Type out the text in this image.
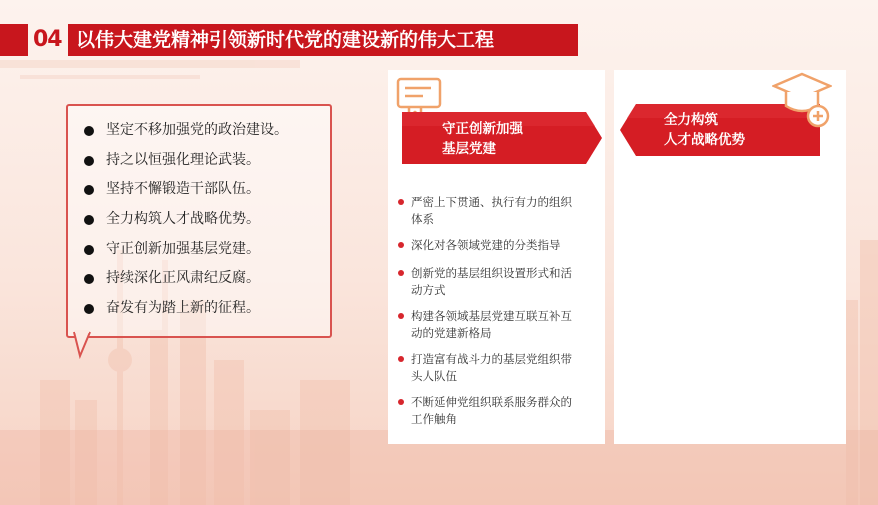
04 以伟大建党精神引领新时代党的建设新的伟大工程
坚定不移加强党的政治建设。
持之以恒强化理论武装。
坚持不懈锻造干部队伍。
全力构筑人才战略优势。
守正创新加强基层党建。
持续深化正风肃纪反腐。
奋发有为踏上新的征程。
守正创新加强
基层党建
严密上下贯通、执行有力的组织
体系
深化对各领域党建的分类指导
创新党的基层组织设置形式和活
动方式
构建各领域基层党建互联互补互
动的党建新格局
打造富有战斗力的基层党组织带
头人队伍
不断延伸党组织联系服务群众的
工作触角
全力构筑
人才战略优势
